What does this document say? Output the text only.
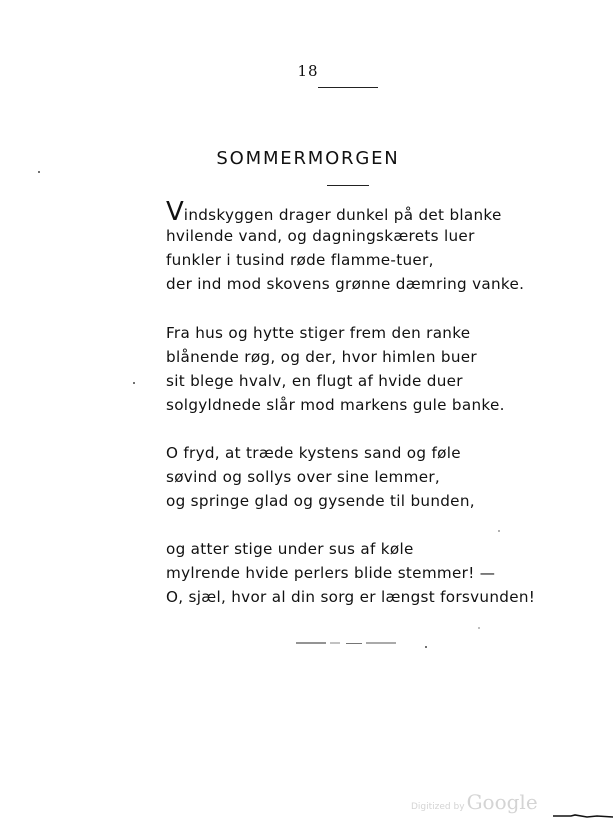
18
SOMMERMORGEN
Vindskyggen drager dunkel på det blanke
hvilende vand, og dagningskærets luer
funkler i tusind røde flamme-tuer,
der ind mod skovens grønne dæmring vanke.
Fra hus og hytte stiger frem den ranke
blånende røg, og der, hvor himlen buer
sit blege hvalv, en flugt af hvide duer
solgyldnede slår mod markens gule banke.
O fryd, at træde kystens sand og føle
søvind og sollys over sine lemmer,
og springe glad og gysende til bunden,
og atter stige under sus af køle
mylrende hvide perlers blide stemmer! —
O, sjæl, hvor al din sorg er længst forsvunden!
Digitized by Google
